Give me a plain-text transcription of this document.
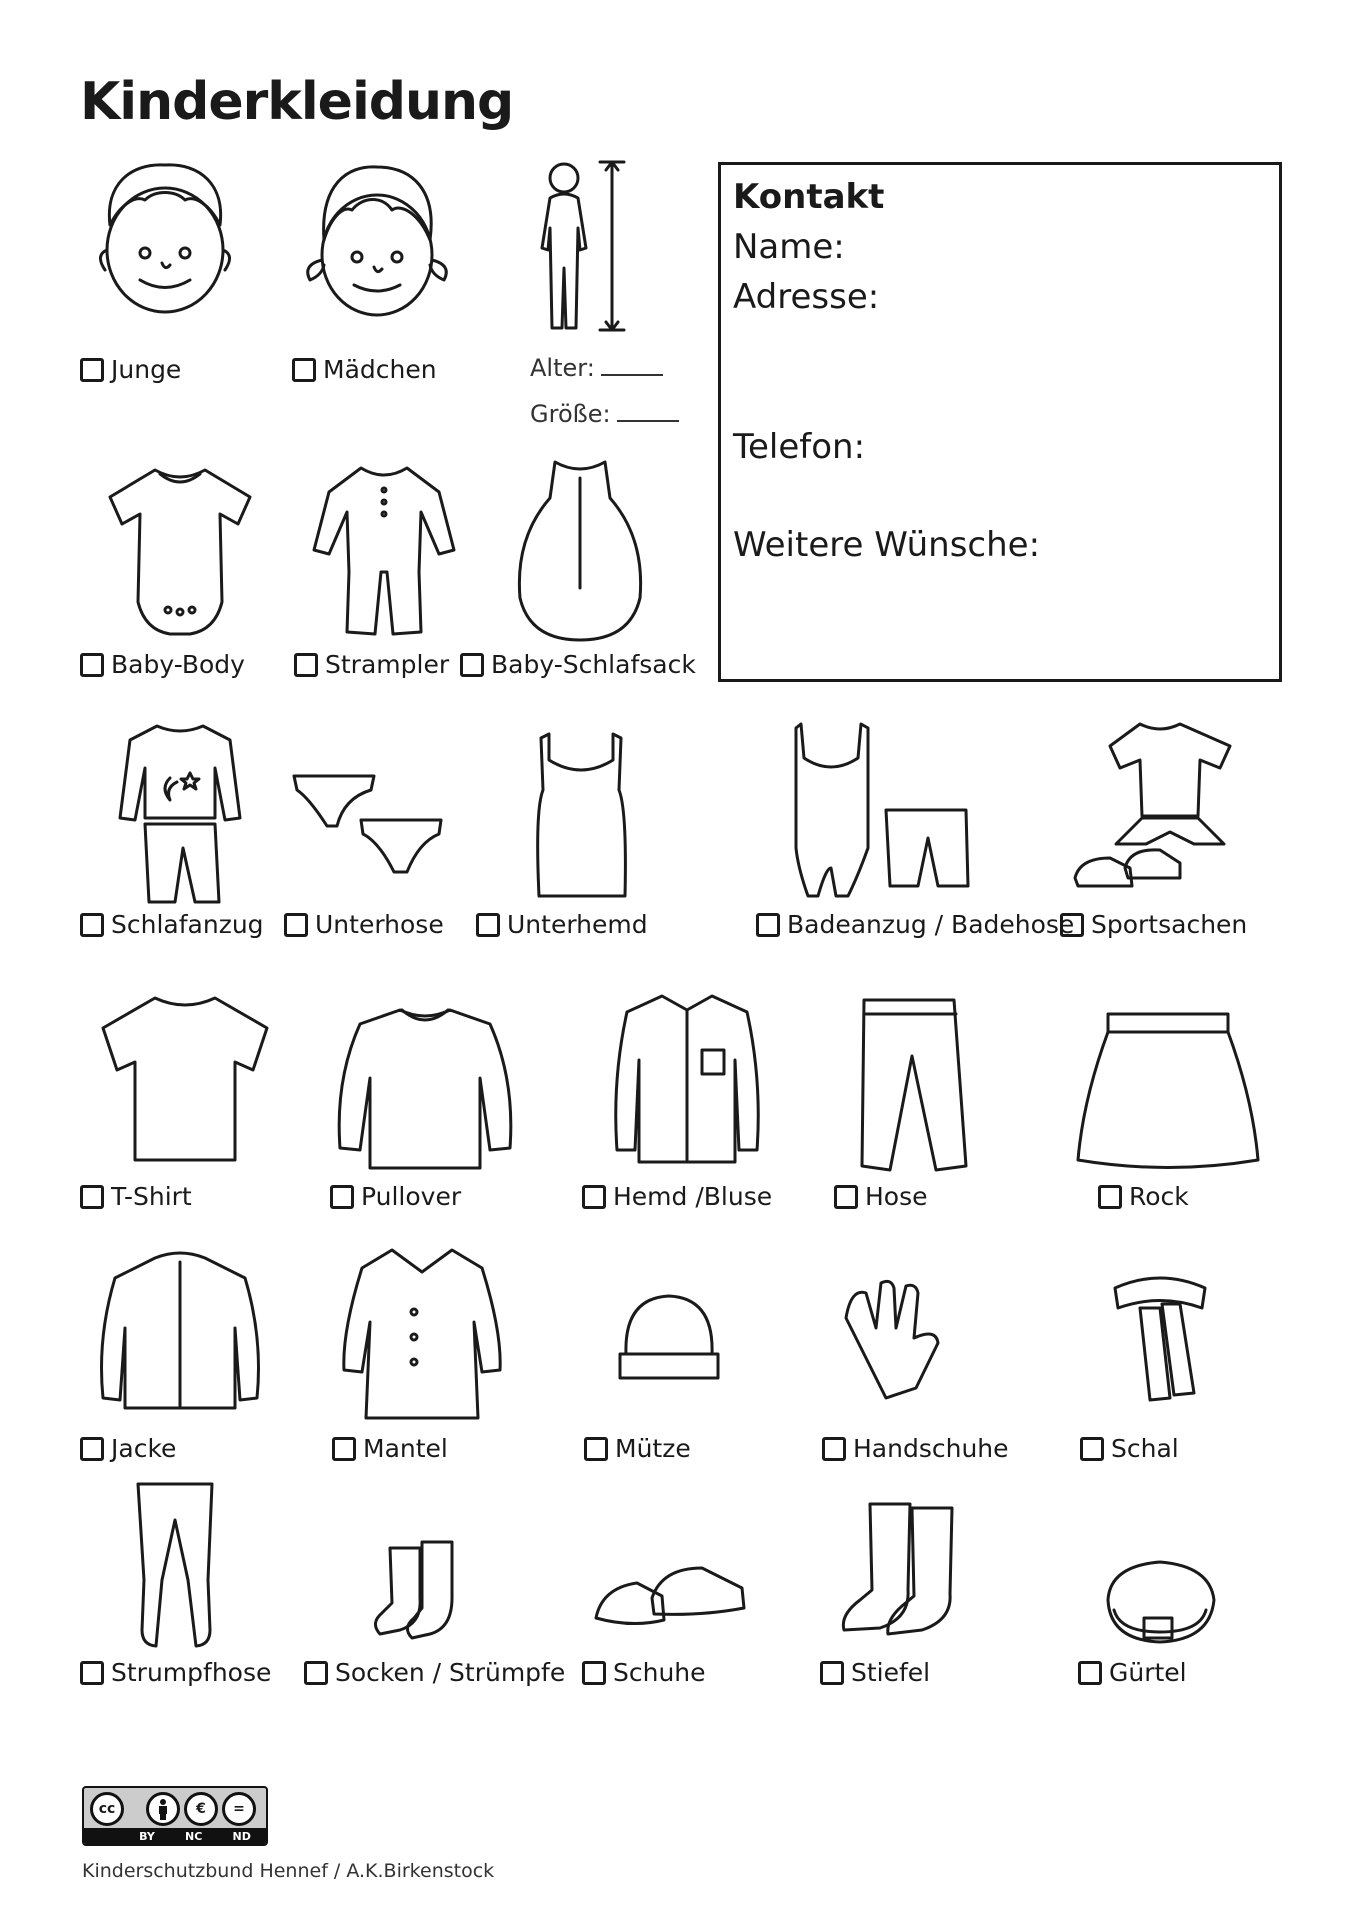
Kinderkleidung
Junge	Mädchen	Alter:
Größe:
Kontakt
Name:
Adresse:
Telefon:
Weitere Wünsche:
Baby-Body	Strampler Baby-Schlafsack
Schlafanzug Unterhose	Unterhemd	Badeanzug / Badehose Sportsachen
T-Shirt	Pullover	Hemd /Bluse	Hose	Rock
Jacke	Mantel	Mütze	Handschuhe	Schal
Strumpfhose	Socken / Strümpfe Schuhe	Stiefel	Gürtel
cc	€	=
BY	NC	ND
Kinderschutzbund Hennef / A.K.Birkenstock
